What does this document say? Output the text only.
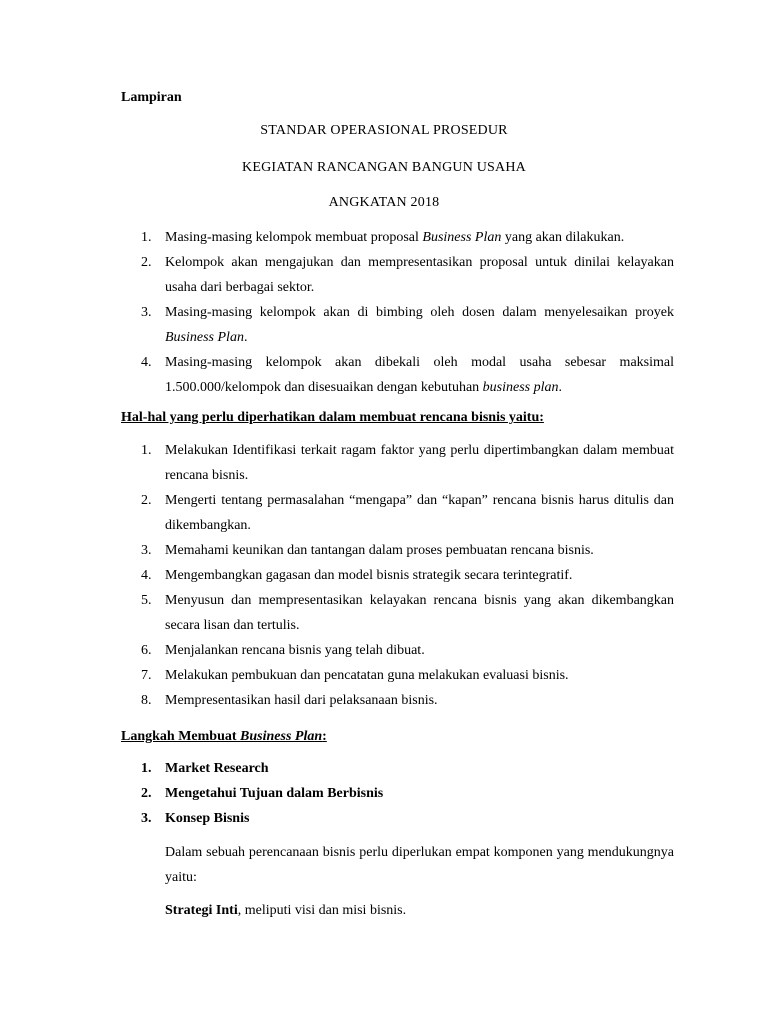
Lampiran
STANDAR OPERASIONAL PROSEDUR
KEGIATAN RANCANGAN BANGUN USAHA
ANGKATAN 2018
1. Masing-masing kelompok membuat proposal Business Plan yang akan dilakukan.
2. Kelompok akan mengajukan dan mempresentasikan proposal untuk dinilai kelayakan usaha dari berbagai sektor.
3. Masing-masing kelompok akan di bimbing oleh dosen dalam menyelesaikan proyek Business Plan.
4. Masing-masing kelompok akan dibekali oleh modal usaha sebesar maksimal 1.500.000/kelompok dan disesuaikan dengan kebutuhan business plan.
Hal-hal yang perlu diperhatikan dalam membuat rencana bisnis yaitu:
1. Melakukan Identifikasi terkait ragam faktor yang perlu dipertimbangkan dalam membuat rencana bisnis.
2. Mengerti tentang permasalahan “mengapa” dan “kapan” rencana bisnis harus ditulis dan dikembangkan.
3. Memahami keunikan dan tantangan dalam proses pembuatan rencana bisnis.
4. Mengembangkan gagasan dan model bisnis strategik secara terintegratif.
5. Menyusun dan mempresentasikan kelayakan rencana bisnis yang akan dikembangkan secara lisan dan tertulis.
6. Menjalankan rencana bisnis yang telah dibuat.
7. Melakukan pembukuan dan pencatatan guna melakukan evaluasi bisnis.
8. Mempresentasikan hasil dari pelaksanaan bisnis.
Langkah Membuat Business Plan:
1. Market Research
2. Mengetahui Tujuan dalam Berbisnis
3. Konsep Bisnis
Dalam sebuah perencanaan bisnis perlu diperlukan empat komponen yang mendukungnya yaitu:
Strategi Inti, meliputi visi dan misi bisnis.
